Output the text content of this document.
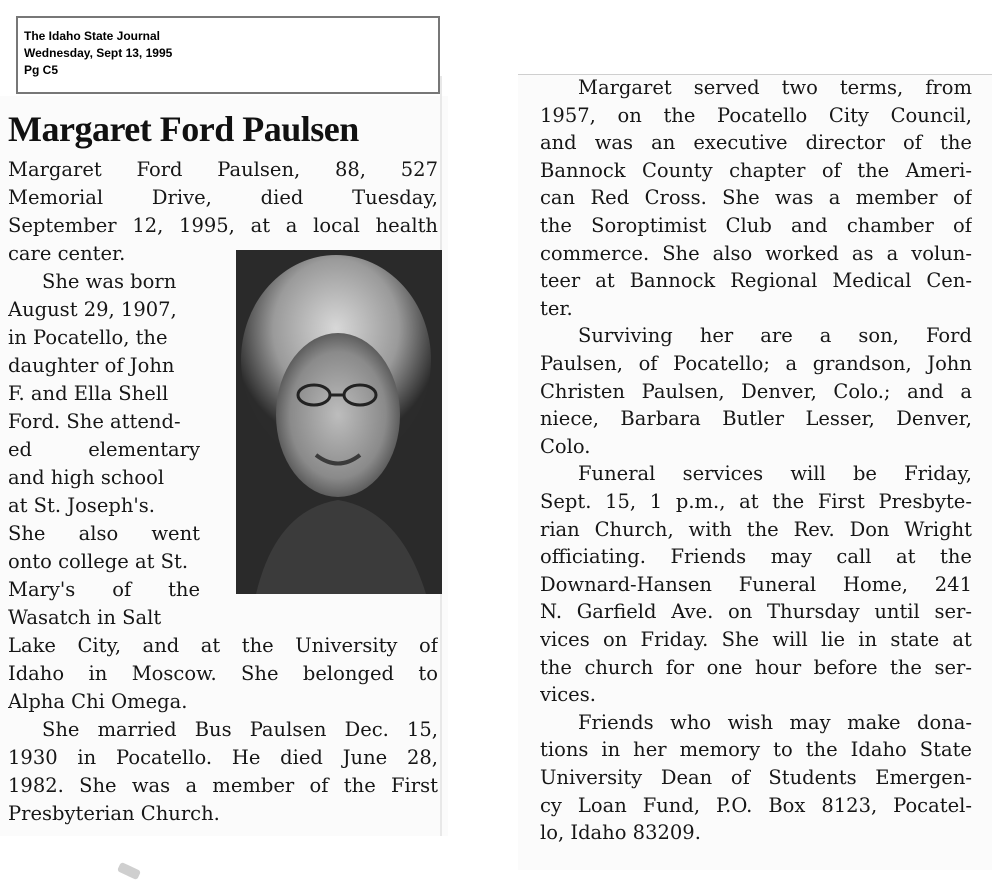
The Idaho State Journal
Wednesday, Sept 13, 1995
Pg C5
Margaret Ford Paulsen
Margaret Ford Paulsen, 88, 527
Memorial	Drive,	died	Tuesday,
September 12, 1995, at a local health
care center.
She was born
August 29, 1907,
in Pocatello, the
daughter of John
F. and Ella Shell
Ford. She attend-
ed	elementary
and high school
at St. Joseph's.
She also went
onto college at St.
Mary's of the
Wasatch in Salt
Lake City, and at the University of
Idaho in Moscow. She belonged to
Alpha Chi Omega.
She married Bus Paulsen Dec. 15,
1930 in Pocatello. He died June 28,
1982. She was a member of the First
Presbyterian Church.
Margaret served two terms, from
1957, on the Pocatello City Council,
and was an executive director of the
Bannock County chapter of the Ameri-
can Red Cross. She was a member of
the Soroptimist Club and chamber of
commerce. She also worked as a volun-
teer at Bannock Regional Medical Cen-
ter.
Surviving her are a son, Ford
Paulsen, of Pocatello; a grandson, John
Christen Paulsen, Denver, Colo.; and a
niece, Barbara Butler Lesser, Denver,
Colo.
Funeral services will be Friday,
Sept. 15, 1 p.m., at the First Presbyte-
rian Church, with the Rev. Don Wright
officiating. Friends may call at the
Downard-Hansen Funeral Home, 241
N. Garfield Ave. on Thursday until ser-
vices on Friday. She will lie in state at
the church for one hour before the ser-
vices.
Friends who wish may make dona-
tions in her memory to the Idaho State
University Dean of Students Emergen-
cy Loan Fund, P.O. Box 8123, Pocatel-
lo, Idaho 83209.
